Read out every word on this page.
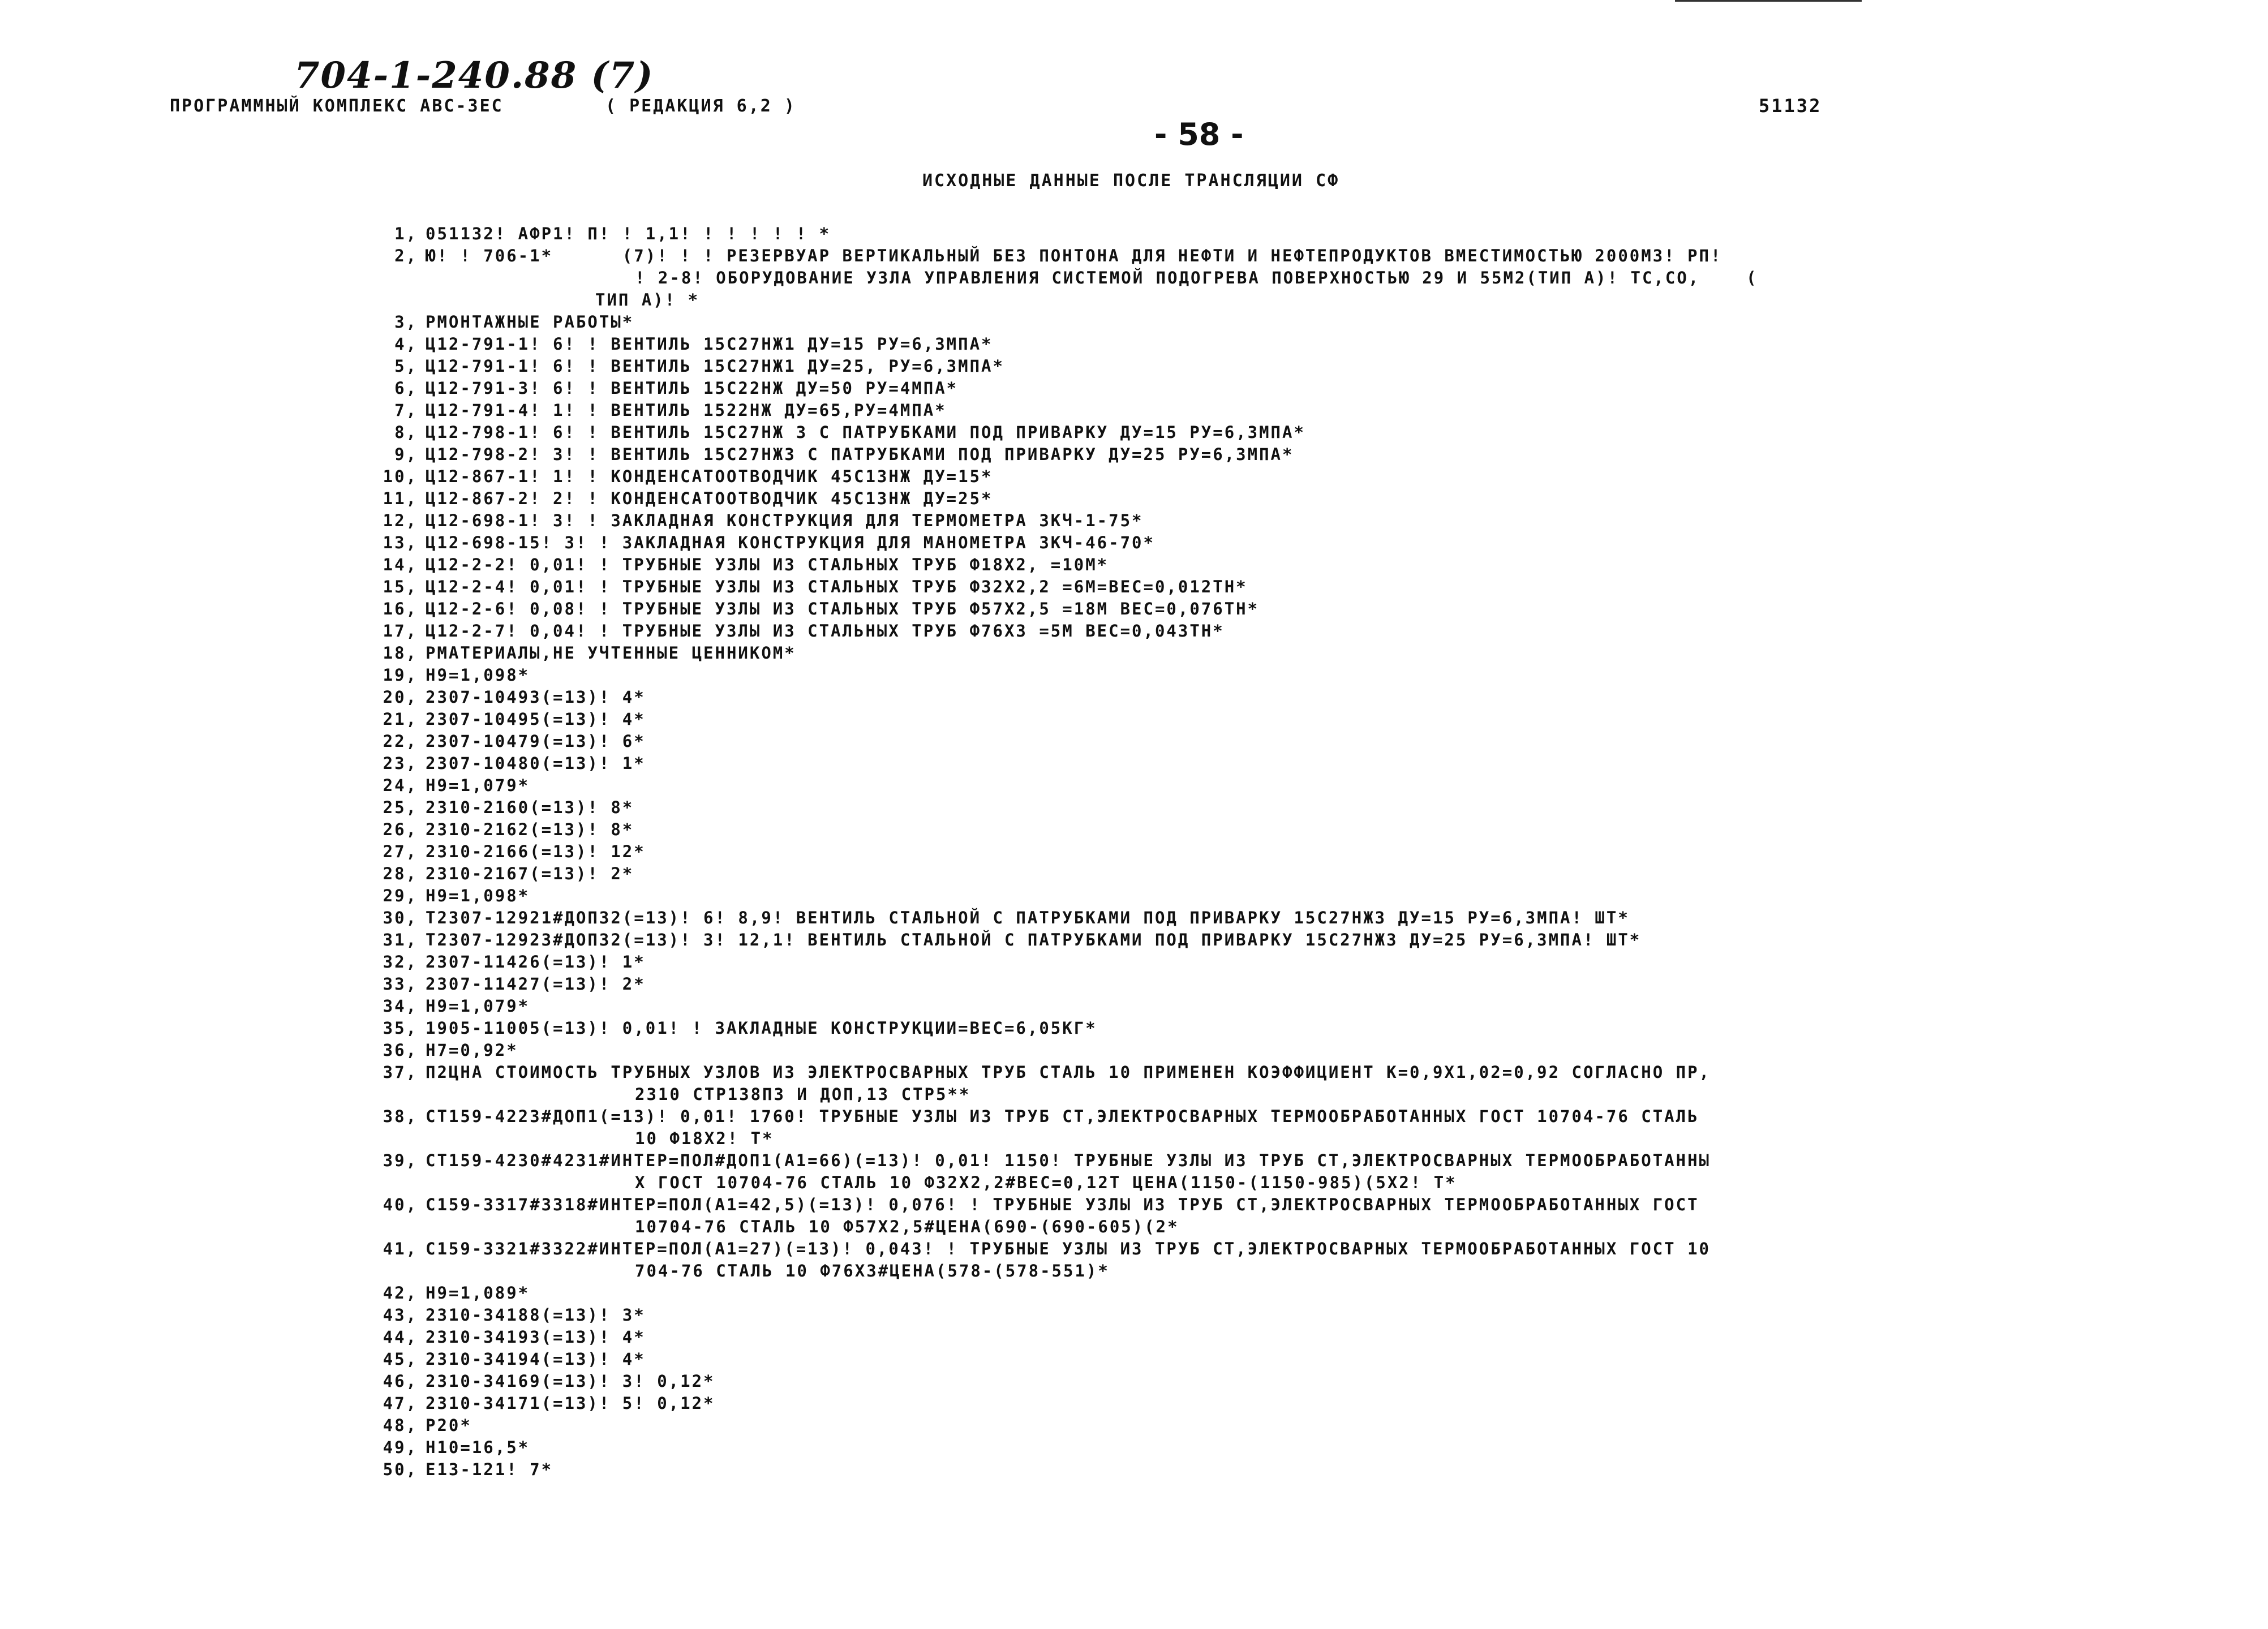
704-1-240.88 (7)
ПРОГРАММНЫЙ КОМПЛЕКС АВС-ЗЕС	( РЕДАКЦИЯ 6,2 )	51132
- 58 -
ИСХОДНЫЕ ДАННЫЕ ПОСЛЕ ТРАНСЛЯЦИИ СФ
1, 051132! АФР1! П! ! 1,1! ! ! ! ! ! *
2, Ю! ! 706-1*      (7)! ! ! РЕЗЕРВУАР ВЕРТИКАЛЬНЫЙ БЕЗ ПОНТОНА ДЛЯ НЕФТИ И НЕФТЕПРОДУКТОВ ВМЕСТИМОСТЬЮ 2000М3! РП!
! 2-8! ОБОРУДОВАНИЕ УЗЛА УПРАВЛЕНИЯ СИСТЕМОЙ ПОДОГРЕВА ПОВЕРХНОСТЬЮ 29 И 55М2(ТИП А)! ТС,СО,    (
ТИП А)! *
3, РМОНТАЖНЫЕ РАБОТЫ*
4, Ц12-791-1! 6! ! ВЕНТИЛЬ 15С27НЖ1 ДУ=15 РУ=6,3МПА*
5, Ц12-791-1! 6! ! ВЕНТИЛЬ 15С27НЖ1 ДУ=25, РУ=6,3МПА*
6, Ц12-791-3! 6! ! ВЕНТИЛЬ 15С22НЖ ДУ=50 РУ=4МПА*
7, Ц12-791-4! 1! ! ВЕНТИЛЬ 1522НЖ ДУ=65,РУ=4МПА*
8, Ц12-798-1! 6! ! ВЕНТИЛЬ 15С27НЖ 3 С ПАТРУБКАМИ ПОД ПРИВАРКУ ДУ=15 РУ=6,3МПА*
9, Ц12-798-2! 3! ! ВЕНТИЛЬ 15С27НЖ3 С ПАТРУБКАМИ ПОД ПРИВАРКУ ДУ=25 РУ=6,3МПА*
10, Ц12-867-1! 1! ! КОНДЕНСАТООТВОДЧИК 45С13НЖ ДУ=15*
11, Ц12-867-2! 2! ! КОНДЕНСАТООТВОДЧИК 45С13НЖ ДУ=25*
12, Ц12-698-1! 3! ! ЗАКЛАДНАЯ КОНСТРУКЦИЯ ДЛЯ ТЕРМОМЕТРА ЗКЧ-1-75*
13, Ц12-698-15! 3! ! ЗАКЛАДНАЯ КОНСТРУКЦИЯ ДЛЯ МАНОМЕТРА ЗКЧ-46-70*
14, Ц12-2-2! 0,01! ! ТРУБНЫЕ УЗЛЫ ИЗ СТАЛЬНЫХ ТРУБ Ф18Х2, =10М*
15, Ц12-2-4! 0,01! ! ТРУБНЫЕ УЗЛЫ ИЗ СТАЛЬНЫХ ТРУБ Ф32Х2,2 =6М=ВЕС=0,012ТН*
16, Ц12-2-6! 0,08! ! ТРУБНЫЕ УЗЛЫ ИЗ СТАЛЬНЫХ ТРУБ Ф57Х2,5 =18М ВЕС=0,076ТН*
17, Ц12-2-7! 0,04! ! ТРУБНЫЕ УЗЛЫ ИЗ СТАЛЬНЫХ ТРУБ Ф76Х3 =5М ВЕС=0,043ТН*
18, РМАТЕРИАЛЫ,НЕ УЧТЕННЫЕ ЦЕННИКОМ*
19, Н9=1,098*
20, 2307-10493(=13)! 4*
21, 2307-10495(=13)! 4*
22, 2307-10479(=13)! 6*
23, 2307-10480(=13)! 1*
24, Н9=1,079*
25, 2310-2160(=13)! 8*
26, 2310-2162(=13)! 8*
27, 2310-2166(=13)! 12*
28, 2310-2167(=13)! 2*
29, Н9=1,098*
30, Т2307-12921#ДОП32(=13)! 6! 8,9! ВЕНТИЛЬ СТАЛЬНОЙ С ПАТРУБКАМИ ПОД ПРИВАРКУ 15С27НЖ3 ДУ=15 РУ=6,3МПА! ШТ*
31, Т2307-12923#ДОП32(=13)! 3! 12,1! ВЕНТИЛЬ СТАЛЬНОЙ С ПАТРУБКАМИ ПОД ПРИВАРКУ 15С27НЖ3 ДУ=25 РУ=6,3МПА! ШТ*
32, 2307-11426(=13)! 1*
33, 2307-11427(=13)! 2*
34, Н9=1,079*
35, 1905-11005(=13)! 0,01! ! ЗАКЛАДНЫЕ КОНСТРУКЦИИ=ВЕС=6,05КГ*
36, Н7=0,92*
37, П2ЦНА СТОИМОСТЬ ТРУБНЫХ УЗЛОВ ИЗ ЭЛЕКТРОСВАРНЫХ ТРУБ СТАЛЬ 10 ПРИМЕНЕН КОЭФФИЦИЕНТ К=0,9Х1,02=0,92 СОГЛАСНО ПР,
2310 СТР138П3 И ДОП,13 СТР5**
38, СТ159-4223#ДОП1(=13)! 0,01! 1760! ТРУБНЫЕ УЗЛЫ ИЗ ТРУБ СТ,ЭЛЕКТРОСВАРНЫХ ТЕРМООБРАБОТАННЫХ ГОСТ 10704-76 СТАЛЬ
10 Ф18Х2! Т*
39, СТ159-4230#4231#ИНТЕР=ПОЛ#ДОП1(А1=66)(=13)! 0,01! 1150! ТРУБНЫЕ УЗЛЫ ИЗ ТРУБ СТ,ЭЛЕКТРОСВАРНЫХ ТЕРМООБРАБОТАННЫ
Х ГОСТ 10704-76 СТАЛЬ 10 Ф32Х2,2#ВЕС=0,12Т ЦЕНА(1150-(1150-985)(5Х2! Т*
40, С159-3317#3318#ИНТЕР=ПОЛ(А1=42,5)(=13)! 0,076! ! ТРУБНЫЕ УЗЛЫ ИЗ ТРУБ СТ,ЭЛЕКТРОСВАРНЫХ ТЕРМООБРАБОТАННЫХ ГОСТ
10704-76 СТАЛЬ 10 Ф57Х2,5#ЦЕНА(690-(690-605)(2*
41, С159-3321#3322#ИНТЕР=ПОЛ(А1=27)(=13)! 0,043! ! ТРУБНЫЕ УЗЛЫ ИЗ ТРУБ СТ,ЭЛЕКТРОСВАРНЫХ ТЕРМООБРАБОТАННЫХ ГОСТ 10
704-76 СТАЛЬ 10 Ф76Х3#ЦЕНА(578-(578-551)*
42, Н9=1,089*
43, 2310-34188(=13)! 3*
44, 2310-34193(=13)! 4*
45, 2310-34194(=13)! 4*
46, 2310-34169(=13)! 3! 0,12*
47, 2310-34171(=13)! 5! 0,12*
48, Р20*
49, Н10=16,5*
50, Е13-121! 7*
